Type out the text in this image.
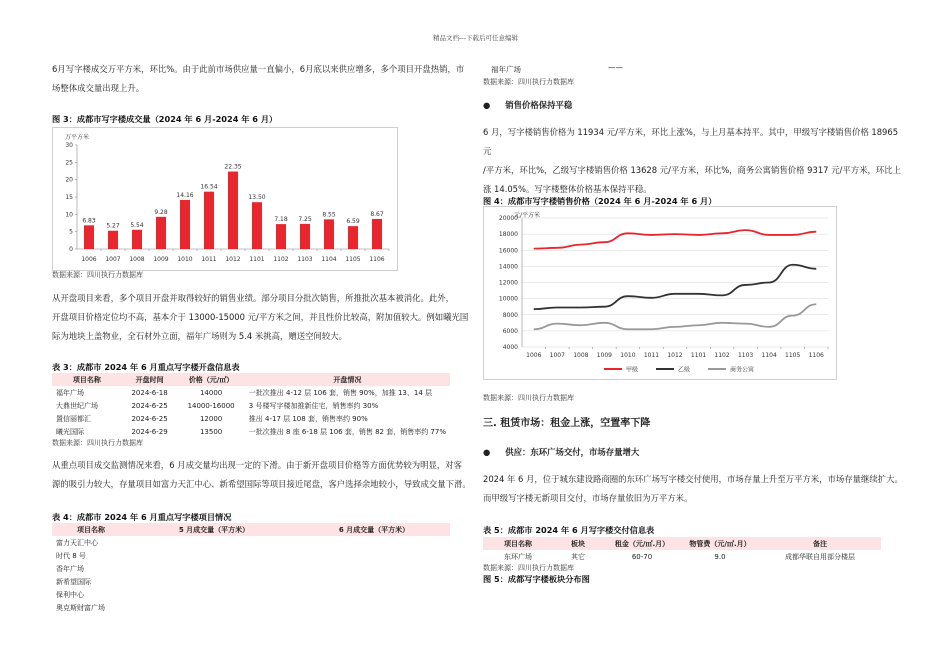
精品文档---下载后可任意编辑
6月写字楼成交万平方米，环比%。由于此前市场供应量一直偏小，6月底以来供应增多，多个项目开盘热销，市
场整体成交量出现上升。
图 3：成都市写字楼成交量（2024 年 6 月-2024 年 6 月）
万平方米
0
5
10
15
20
25
30
6.83
1006
5.27
1007
5.54
1008
9.28
1009
14.16
1010
16.54
1011
22.35
1012
13.50
1101
7.18
1102
7.25
1103
8.55
1104
6.59
1105
8.67
1106
数据来源：四川执行力数据库
从开盘项目来看，多个项目开盘并取得较好的销售业绩。部分项目分批次销售，所推批次基本被消化。此外，
开盘项目价格定位均不高，基本介于 13000-15000 元/平方米之间，并且性价比较高，附加值较大。例如曦光国
际为地块上盖物业，全石材外立面，福年广场则为 5.4 米挑高，赠送空间较大。
表 3：成都市 2024 年 6 月重点写字楼开盘信息表
项目名称	开盘时间	价格（元/㎡）	开盘情况
福年广场	2024-6-18	14000	一批次推出 4-12 层 106 套，销售 90%，加推 13、14 层
大鼎世纪广场	2024-6-25	14000-16000	3 号楼写字楼加推新住宅，销售率约 30%
置信丽都汇	2024-6-25	12000	推出 4-17 层 108 套，销售率约 90%
曦光国际	2024-6-29	13500	一批次推出 8 座 6-18 层 106 套，销售 82 套，销售率约 77%
数据来源：四川执行力数据库
从重点项目成交监测情况来看，6 月成交量均出现一定的下滑。由于新开盘项目价格等方面优势较为明显，对客
源的吸引力较大，存量项目如富力天汇中心、新希望国际等项目接近尾盘，客户选择余地较小，导致成交量下滑。
表 4：成都市 2024 年 6 月重点写字楼项目情况
项目名称	5 月成交量（平方米）	6 月成交量（平方米）
富力天汇中心		
时代 8 号		
香年广场		
新希望国际		
保利中心		
奥克斯财富广场		
福年广场	——
数据来源：四川执行力数据库
● 销售价格保持平稳
6 月，写字楼销售价格为 11934 元/平方米，环比上涨%，与上月基本持平。其中，甲级写字楼销售价格 18965 元
/平方米，环比%，乙级写字楼销售价格 13628 元/平方米，环比%，商务公寓销售价格 9317 元/平方米，环比上
涨 14.05%。写字楼整体价格基本保持平稳。
图 4：成都市写字楼销售价格（2024 年 6 月-2024 年 6 月）
元/平方米
4000
6000
8000
10000
12000
14000
16000
18000
20000
1006 1007 1008 1009 1010 1011 1012 1101 1102 1103 1104 1105 1106
甲级	乙级	商务公寓
数据来源：四川执行力数据库
三. 租赁市场：租金上涨，空置率下降
● 供应：东环广场交付，市场存量增大
2024 年 6 月，位于城东建设路商圈的东环广场写字楼交付使用，市场存量上升至万平方米，市场存量继续扩大。
而甲级写字楼无新项目交付，市场存量依旧为万平方米。
表 5：成都市 2024 年 6 月写字楼交付信息表
项目名称	板块	租金（元/㎡.月）	物管费（元/㎡.月）	备注
东环广场	其它	60-70	9.0	成都华联自用部分楼层
数据来源：四川执行力数据库
图 5：成都写字楼板块分布图
